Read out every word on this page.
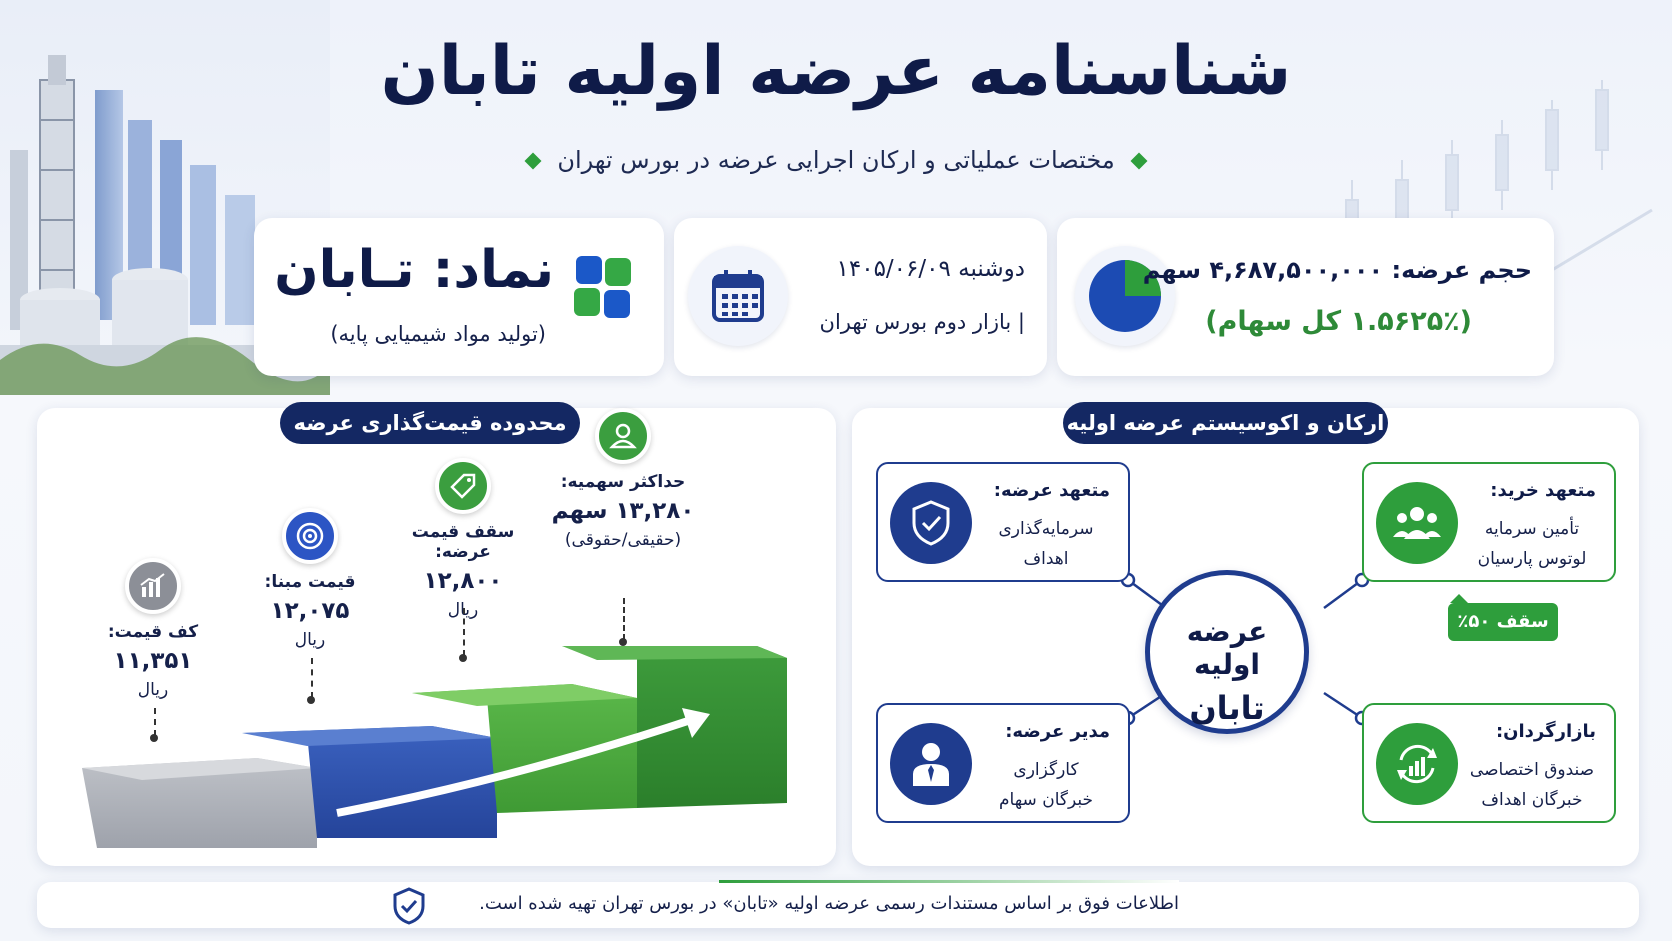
شناسنامه عرضه اولیه تابان
مختصات عملیاتی و ارکان اجرایی عرضه در بورس تهران
نماد: تـابان
(تولید مواد شیمیایی پایه)
دوشنبه ۱۴۰۵/۰۶/۰۹
| بازار دوم بورس تهران
حجم عرضه: ۴,۶۸۷,۵۰۰,۰۰۰ سهم
(۱.۵۶۲۵٪ کل سهام)
محدوده قیمت‌گذاری عرضه
کف قیمت:
۱۱,۳۵۱
ریال
قیمت مبنا:
۱۲,۰۷۵
ریال
سقف قیمت عرضه:
۱۲,۸۰۰
ریال
حداکثر سهمیه:
۱۳,۲۸۰ سهم
(حقیقی/حقوقی)
ارکان و اکوسیستم عرضه اولیه
عرضه اولیه
تابان
متعهد عرضه:
سرمایه‌گذاری
اهداف
متعهد خرید:
تأمین سرمایه
لوتوس پارسیان
سقف ۵۰٪
مدیر عرضه:
کارگزاری
خبرگان سهام
بازارگردان:
صندوق اختصاصی
خبرگان اهداف
اطلاعات فوق بر اساس مستندات رسمی عرضه اولیه «تابان» در بورس تهران تهیه شده است.
